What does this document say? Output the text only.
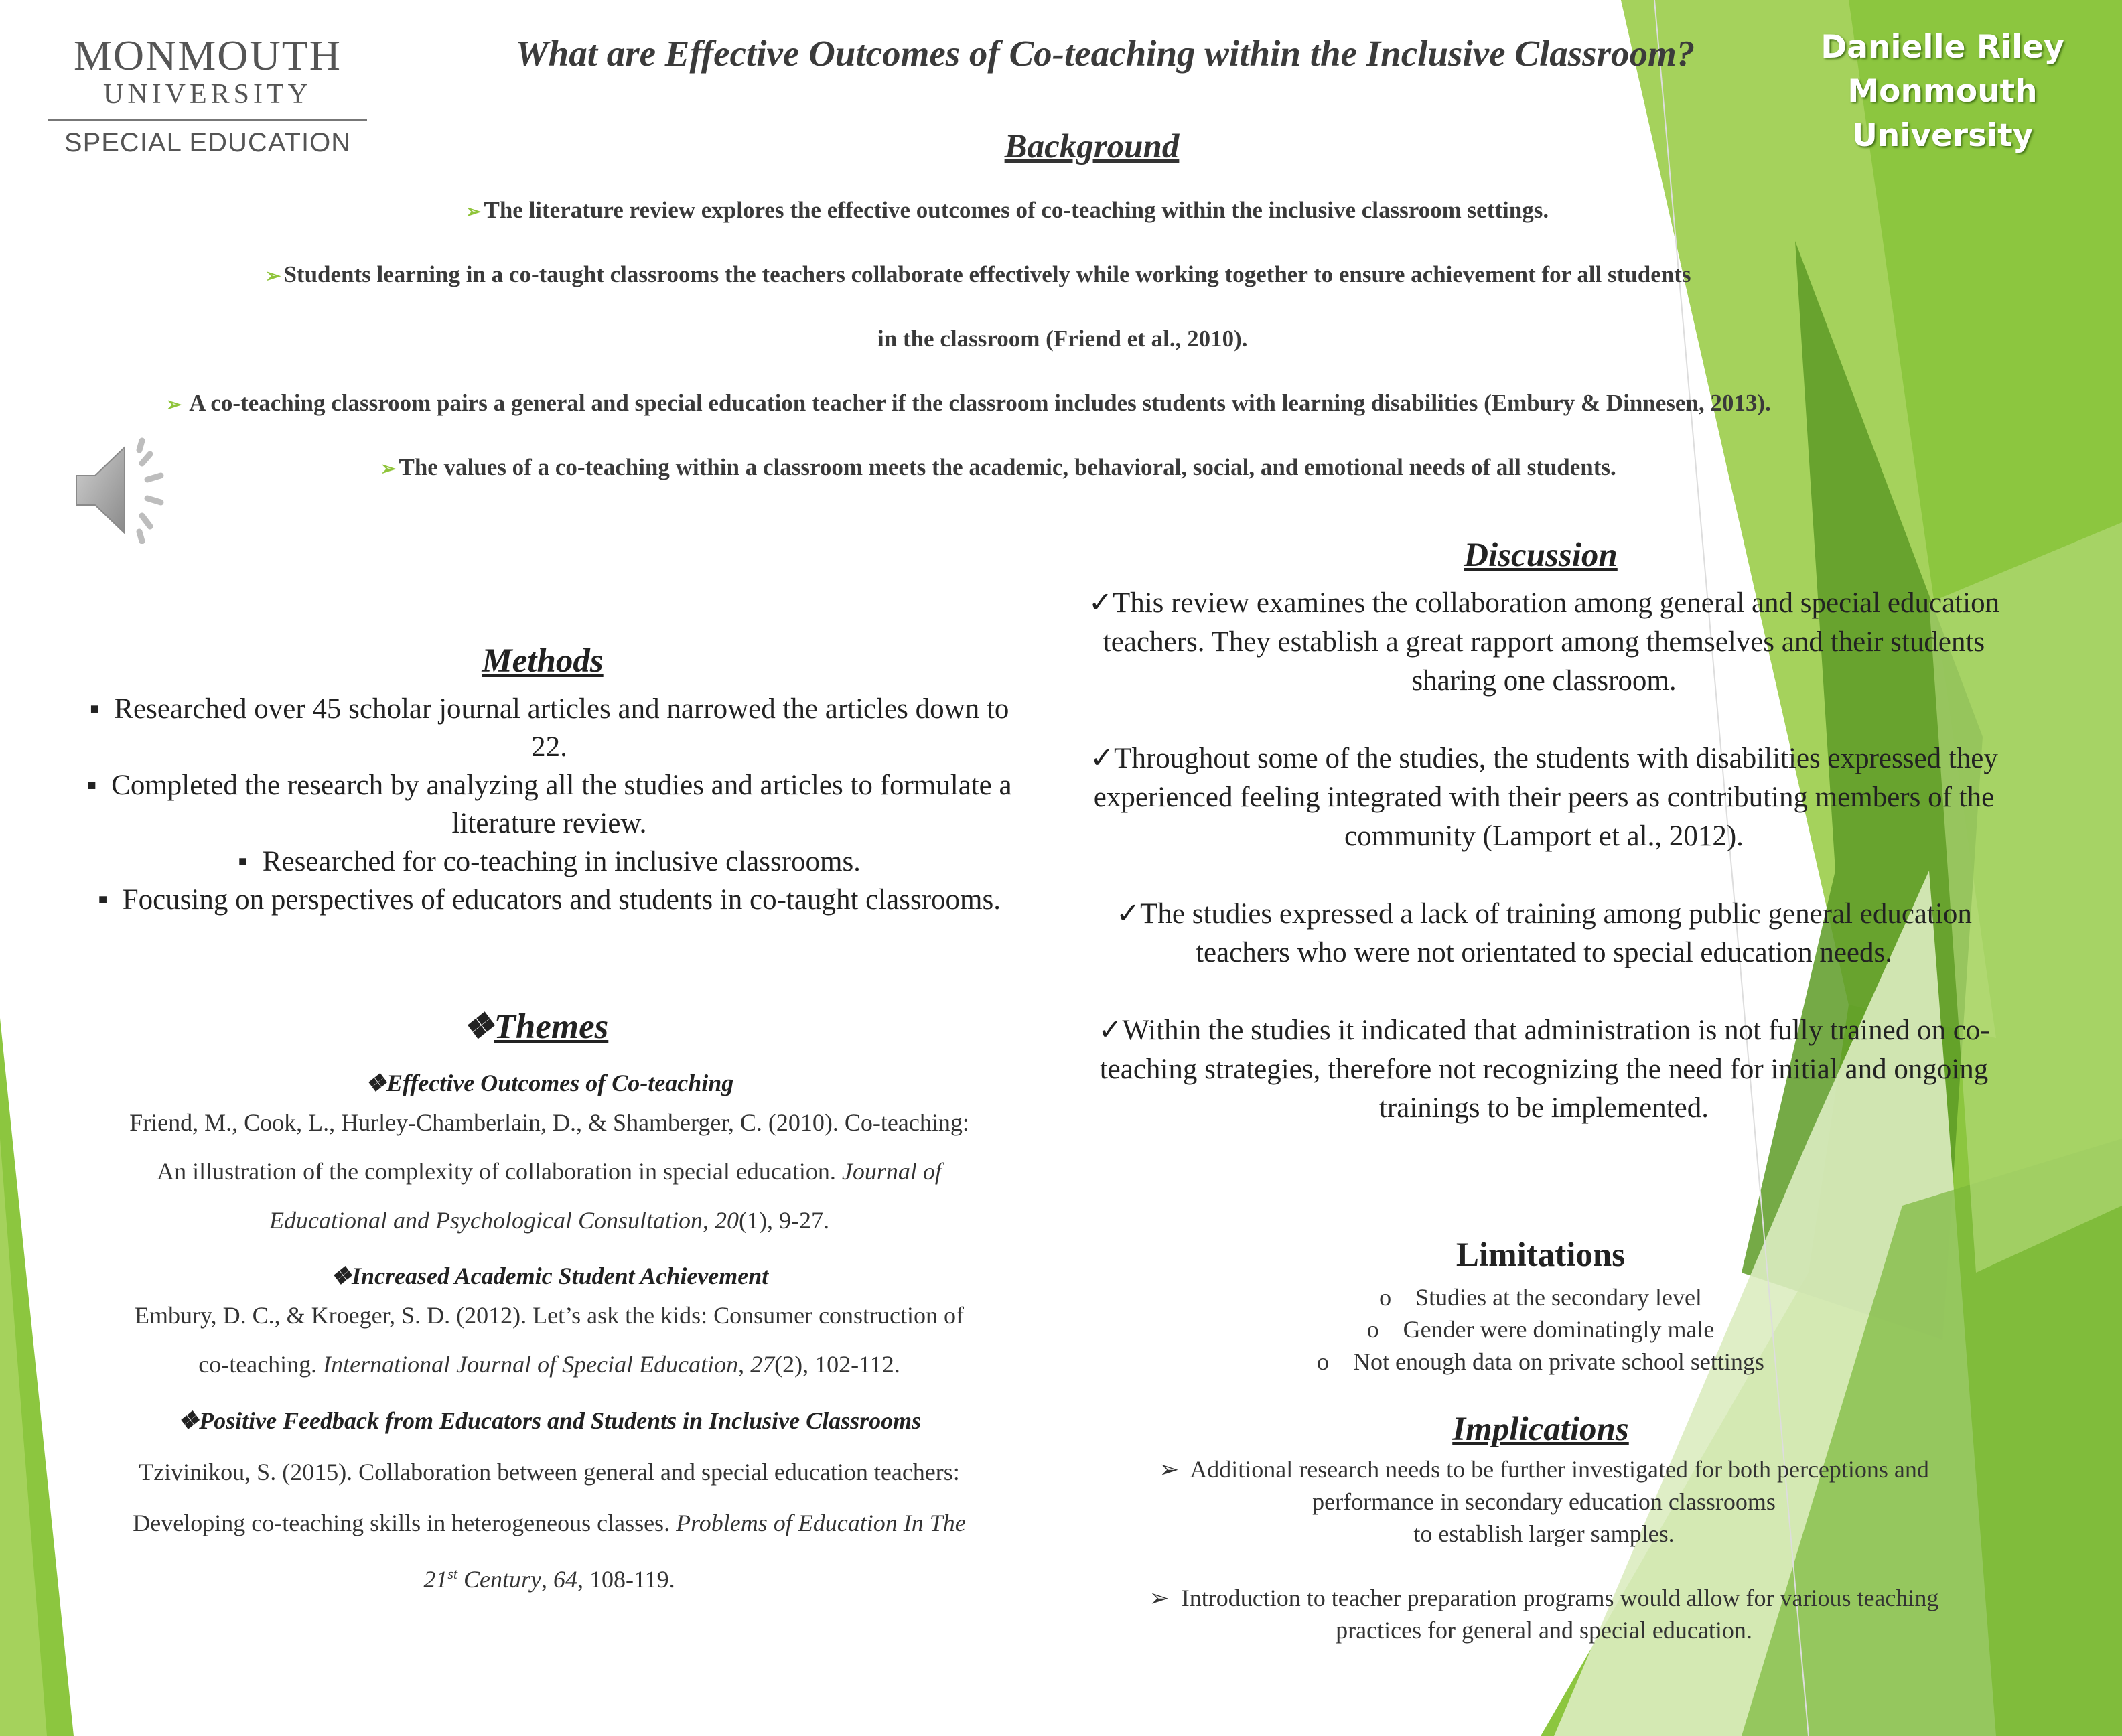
MONMOUTH
UNIVERSITY
SPECIAL EDUCATION
What are Effective Outcomes of Co-teaching within the Inclusive Classroom?	Danielle Riley
Monmouth
University
Background
➢ The literature review explores the effective outcomes of co-teaching within the inclusive classroom settings.
➢ Students learning in a co-taught classrooms the teachers collaborate effectively while working together to ensure achievement for all students
in the classroom (Friend et al., 2010).
➢ A co-teaching classroom pairs a general and special education teacher if the classroom includes students with learning disabilities (Embury & Dinnesen, 2013).
➢ The values of a co-teaching within a classroom meets the academic, behavioral, social, and emotional needs of all students.
Methods
▪ Researched over 45 scholar journal articles and narrowed the articles down to 22.
▪ Completed the research by analyzing all the studies and articles to formulate a literature review.
▪ Researched for co-teaching in inclusive classrooms.
▪ Focusing on perspectives of educators and students in co-taught classrooms.
❖Themes
❖Effective Outcomes of Co-teaching
Friend, M., Cook, L., Hurley-Chamberlain, D., & Shamberger, C. (2010). Co-teaching:
An illustration of the complexity of collaboration in special education. Journal of
Educational and Psychological Consultation, 20(1), 9-27.
❖Increased Academic Student Achievement
Embury, D. C., & Kroeger, S. D. (2012). Let’s ask the kids: Consumer construction of
co-teaching. International Journal of Special Education, 27(2), 102-112.
❖Positive Feedback from Educators and Students in Inclusive Classrooms
Tzivinikou, S. (2015). Collaboration between general and special education teachers:
Developing co-teaching skills in heterogeneous classes. Problems of Education In The
21st Century, 64, 108-119.
Discussion

✓This review examines the collaboration among general and special education teachers. They establish a great rapport among themselves and their students sharing one classroom.

✓Throughout some of the studies, the students with disabilities expressed they experienced feeling integrated with their peers as contributing members of the community (Lamport et al., 2012).

✓The studies expressed a lack of training among public general education teachers who were not orientated to special education needs.

✓Within the studies it indicated that administration is not fully trained on co-teaching strategies, therefore not recognizing the need for initial and ongoing trainings to be implemented.

Limitations
o Studies at the secondary level
o Gender were dominatingly male
o Not enough data on private school settings
Implications
➢ Additional research needs to be further investigated for both perceptions and
performance in secondary education classrooms
to establish larger samples.
➢ Introduction to teacher preparation programs would allow for various teaching
practices for general and special education.
